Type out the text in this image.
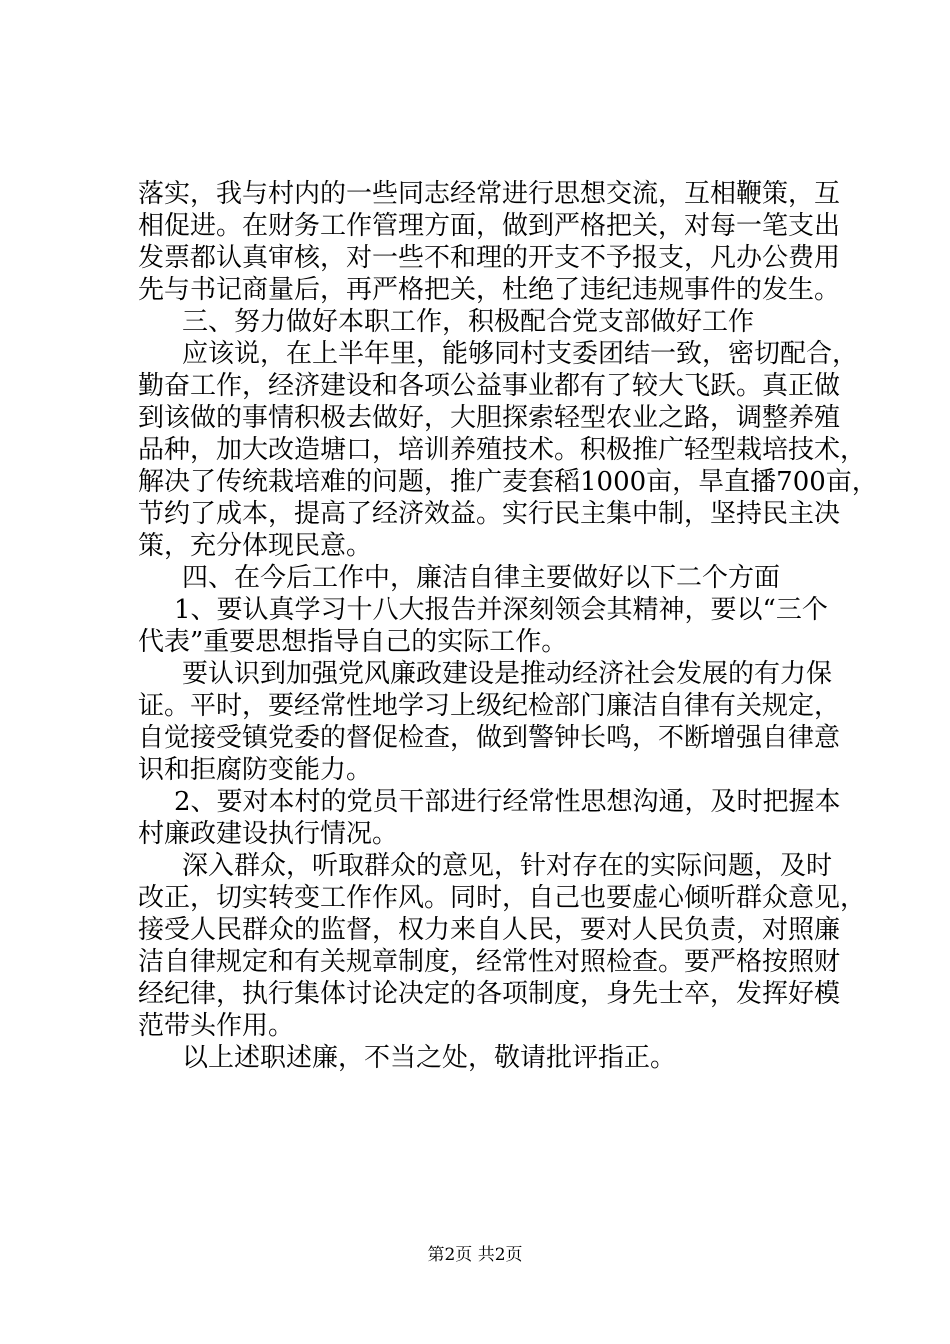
落实，我与村内的一些同志经常进行思想交流，互相鞭策，互
相促进。在财务工作管理方面，做到严格把关，对每一笔支出
发票都认真审核，对一些不和理的开支不予报支，凡办公费用
先与书记商量后，再严格把关，杜绝了违纪违规事件的发生。
三、努力做好本职工作，积极配合党支部做好工作
应该说，在上半年里，能够同村支委团结一致，密切配合，
勤奋工作，经济建设和各项公益事业都有了较大飞跃。真正做
到该做的事情积极去做好，大胆探索轻型农业之路，调整养殖
品种，加大改造塘口，培训养殖技术。积极推广轻型栽培技术，
解决了传统栽培难的问题，推广麦套稻1000亩，旱直播700亩，
节约了成本，提高了经济效益。实行民主集中制，坚持民主决
策，充分体现民意。
四、在今后工作中，廉洁自律主要做好以下二个方面
1、要认真学习十八大报告并深刻领会其精神，要以“三个
代表”重要思想指导自己的实际工作。
要认识到加强党风廉政建设是推动经济社会发展的有力保
证。平时，要经常性地学习上级纪检部门廉洁自律有关规定，
自觉接受镇党委的督促检查，做到警钟长鸣，不断增强自律意
识和拒腐防变能力。
2、要对本村的党员干部进行经常性思想沟通，及时把握本
村廉政建设执行情况。
深入群众，听取群众的意见，针对存在的实际问题，及时
改正，切实转变工作作风。同时，自己也要虚心倾听群众意见，
接受人民群众的监督，权力来自人民，要对人民负责，对照廉
洁自律规定和有关规章制度，经常性对照检查。要严格按照财
经纪律，执行集体讨论决定的各项制度，身先士卒，发挥好模
范带头作用。
以上述职述廉，不当之处，敬请批评指正。
第2页 共2页
